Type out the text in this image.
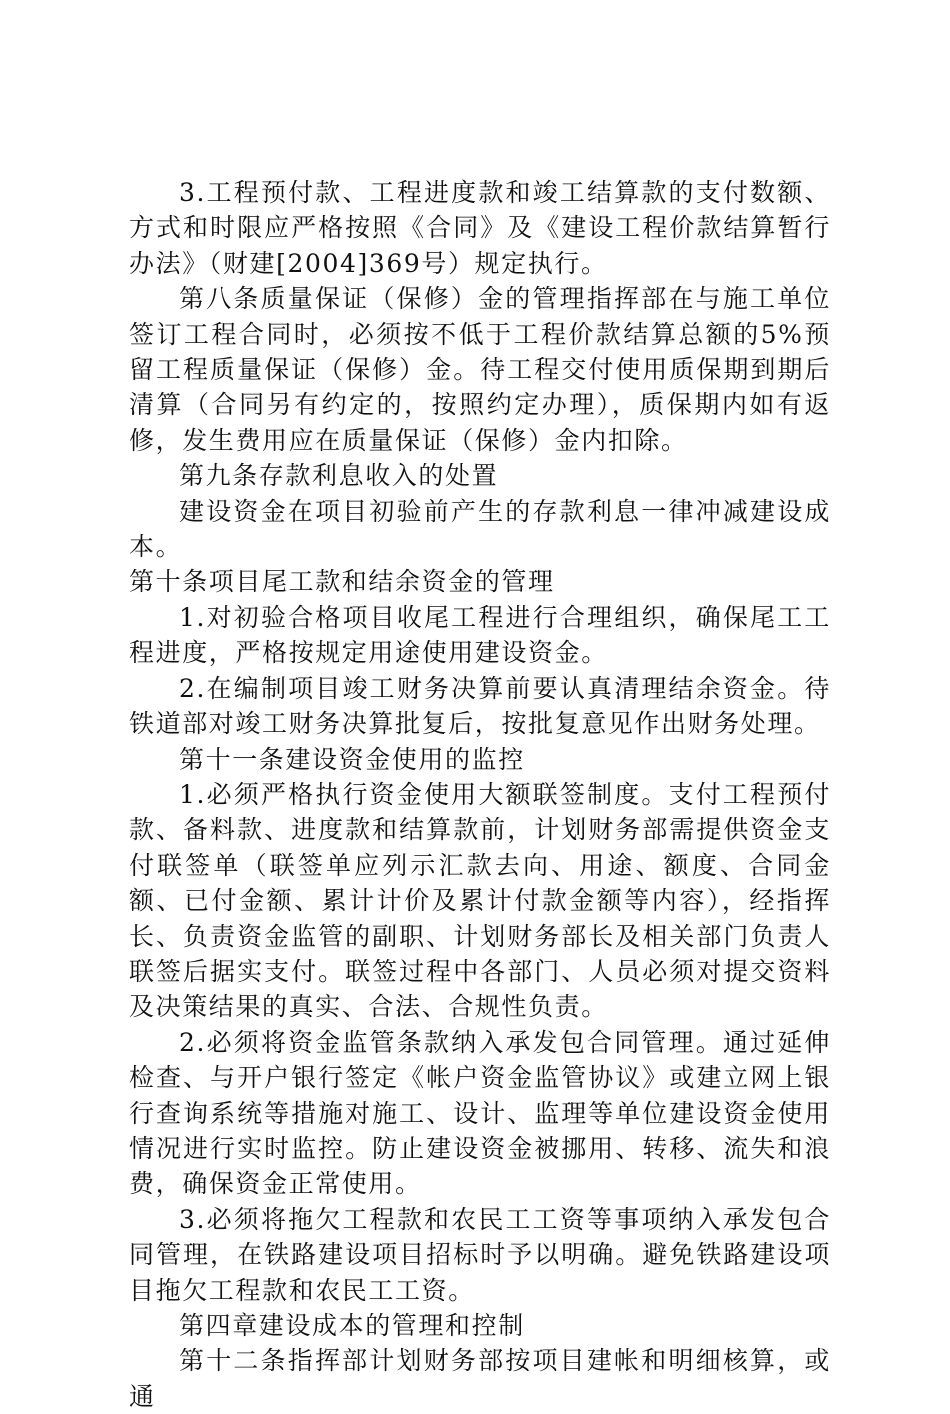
3.工程预付款、工程进度款和竣工结算款的支付数额、方式和时限应严格按照《合同》及《建设工程价款结算暂行办法》（财建[2004]369号）规定执行。

第八条质量保证（保修）金的管理指挥部在与施工单位签订工程合同时，必须按不低于工程价款结算总额的5%预留工程质量保证（保修）金。待工程交付使用质保期到期后清算（合同另有约定的，按照约定办理），质保期内如有返修，发生费用应在质量保证（保修）金内扣除。

第九条存款利息收入的处置

建设资金在项目初验前产生的存款利息一律冲减建设成本。

第十条项目尾工款和结余资金的管理

1.对初验合格项目收尾工程进行合理组织，确保尾工工程进度，严格按规定用途使用建设资金。

2.在编制项目竣工财务决算前要认真清理结余资金。待铁道部对竣工财务决算批复后，按批复意见作出财务处理。

第十一条建设资金使用的监控

1.必须严格执行资金使用大额联签制度。支付工程预付款、备料款、进度款和结算款前，计划财务部需提供资金支付联签单（联签单应列示汇款去向、用途、额度、合同金额、已付金额、累计计价及累计付款金额等内容），经指挥长、负责资金监管的副职、计划财务部长及相关部门负责人联签后据实支付。联签过程中各部门、人员必须对提交资料及决策结果的真实、合法、合规性负责。

2.必须将资金监管条款纳入承发包合同管理。通过延伸检查、与开户银行签定《帐户资金监管协议》或建立网上银行查询系统等措施对施工、设计、监理等单位建设资金使用情况进行实时监控。防止建设资金被挪用、转移、流失和浪费，确保资金正常使用。

3.必须将拖欠工程款和农民工工资等事项纳入承发包合同管理，在铁路建设项目招标时予以明确。避免铁路建设项目拖欠工程款和农民工工资。

第四章建设成本的管理和控制

第十二条指挥部计划财务部按项目建帐和明细核算，或通
